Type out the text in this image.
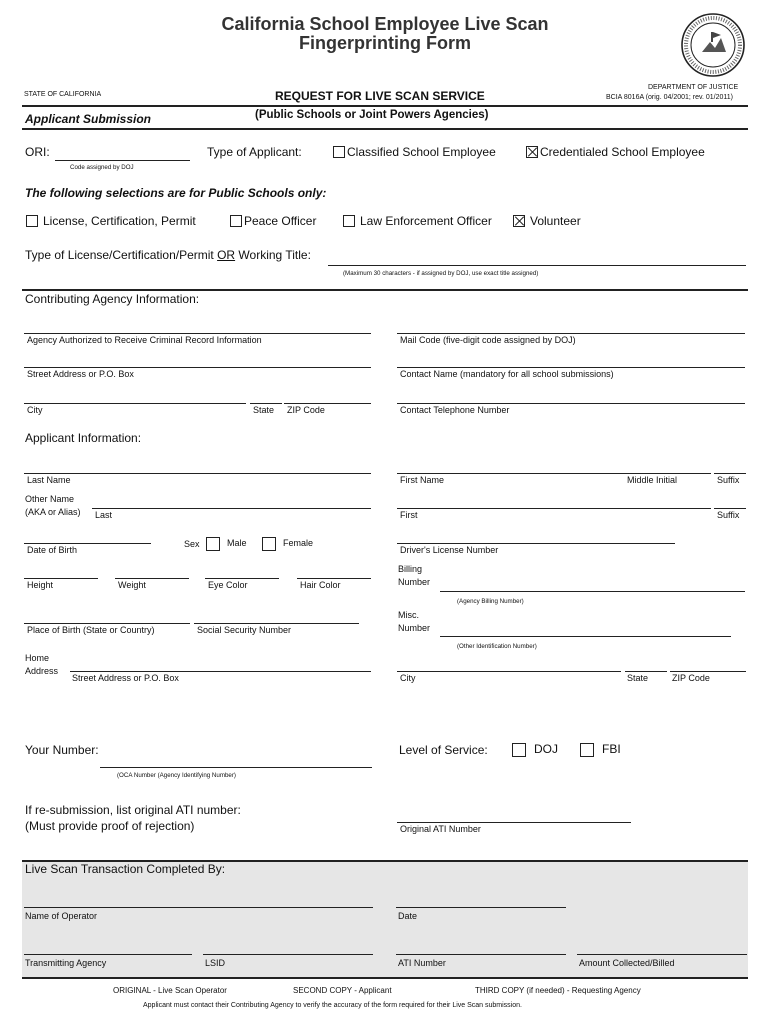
California School Employee Live Scan
Fingerprinting Form
STATE OF CALIFORNIA	REQUEST FOR LIVE SCAN SERVICE
DEPARTMENT OF JUSTICE
BCIA 8016A (orig. 04/2001; rev. 01/2011)
(Public Schools or Joint Powers Agencies)
Applicant Submission
ORI:
Code assigned by DOJ
Type of Applicant:	Classified School Employee	Credentialed School Employee
The following selections are for Public Schools only:
License, Certification, Permit	Peace Officer	Law Enforcement Officer	Volunteer
Type of License/Certification/Permit OR Working Title:
(Maximum 30 characters - if assigned by DOJ, use exact title assigned)
Contributing Agency Information:
Agency Authorized to Receive Criminal Record Information	Mail Code (five-digit code assigned by DOJ)
Street Address or P.O. Box	Contact Name (mandatory for all school submissions)
City	State ZIP Code	Contact Telephone Number
Applicant Information:
Last Name	First Name	Middle Initial	Suffix
Other Name
(AKA or Alias) Last	First	Suffix
Date of Birth
Sex	Male	Female
Driver's License Number
Height	Weight	Eye Color	Hair Color
Billing
Number
(Agency Billing Number)
Place of Birth (State or Country)	Social Security Number
Misc.
Number
(Other Identification Number)
Home
Address
Street Address or P.O. Box	City	State	ZIP Code
Your Number:
(OCA Number (Agency Identifying Number)
Level of Service:	DOJ	FBI
If re-submission, list original ATI number:
(Must provide proof of rejection)	Original ATI Number
Live Scan Transaction Completed By:
Name of Operator	Date
Transmitting Agency	LSID	ATI Number	Amount Collected/Billed
ORIGINAL - Live Scan Operator	SECOND COPY - Applicant	THIRD COPY (if needed) - Requesting Agency
Applicant must contact their Contributing Agency to verify the accuracy of the form required for their Live Scan submission.
